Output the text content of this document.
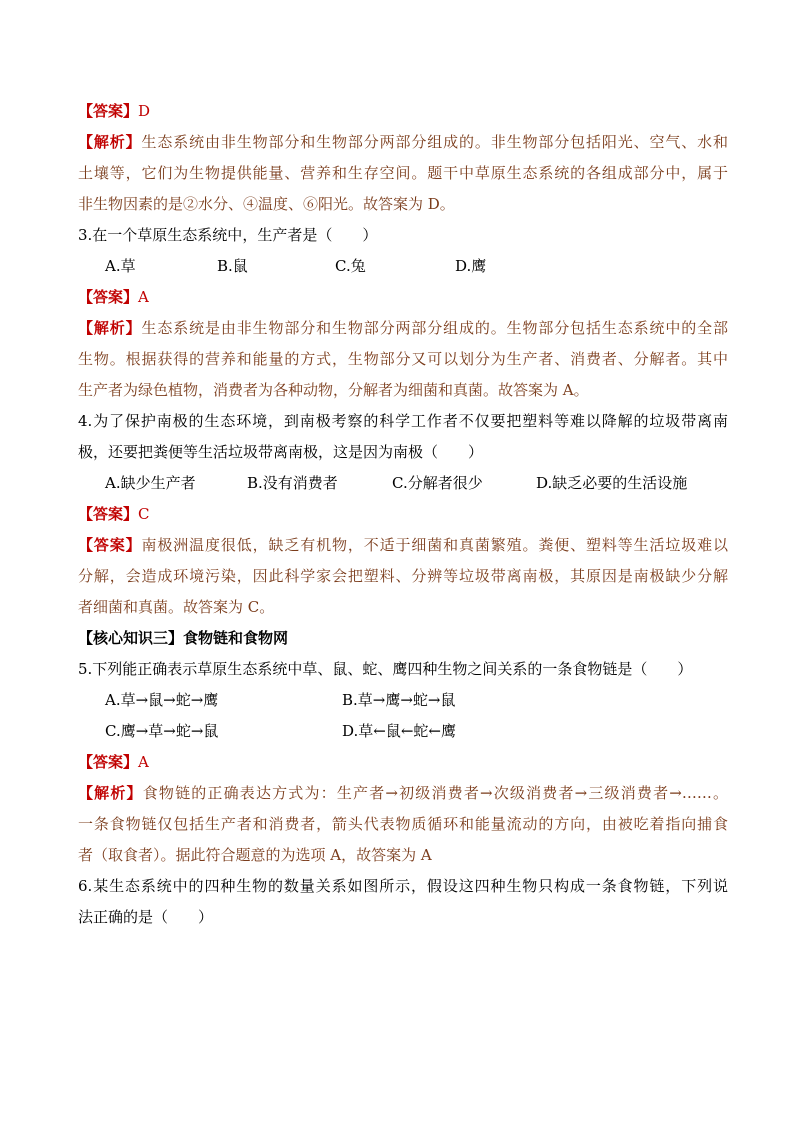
【答案】D
【解析】生态系统由非生物部分和生物部分两部分组成的。非生物部分包括阳光、空气、水和
土壤等，它们为生物提供能量、营养和生存空间。题干中草原生态系统的各组成部分中，属于
非生物因素的是②水分、④温度、⑥阳光。故答案为 D。
3.在一个草原生态系统中，生产者是（　　）
A.草	B.鼠	C.兔	D.鹰
【答案】A
【解析】生态系统是由非生物部分和生物部分两部分组成的。生物部分包括生态系统中的全部
生物。根据获得的营养和能量的方式，生物部分又可以划分为生产者、消费者、分解者。其中
生产者为绿色植物，消费者为各种动物，分解者为细菌和真菌。故答案为 A。
4.为了保护南极的生态环境，到南极考察的科学工作者不仅要把塑料等难以降解的垃圾带离南
极，还要把粪便等生活垃圾带离南极，这是因为南极（　　）
A.缺少生产者	B.没有消费者	C.分解者很少	D.缺乏必要的生活设施
【答案】C
【答案】南极洲温度很低，缺乏有机物，不适于细菌和真菌繁殖。粪便、塑料等生活垃圾难以
分解，会造成环境污染，因此科学家会把塑料、分辨等垃圾带离南极，其原因是南极缺少分解
者细菌和真菌。故答案为 C。
【核心知识三】食物链和食物网
5.下列能正确表示草原生态系统中草、鼠、蛇、鹰四种生物之间关系的一条食物链是（　　）
A.草→鼠→蛇→鹰	B.草→鹰→蛇→鼠
C.鹰→草→蛇→鼠	D.草←鼠←蛇←鹰
【答案】A
【解析】食物链的正确表达方式为：生产者→初级消费者→次级消费者→三级消费者→……。
一条食物链仅包括生产者和消费者，箭头代表物质循环和能量流动的方向，由被吃着指向捕食
者（取食者）。据此符合题意的为选项 A，故答案为 A
6.某生态系统中的四种生物的数量关系如图所示，假设这四种生物只构成一条食物链，下列说
法正确的是（　　）
